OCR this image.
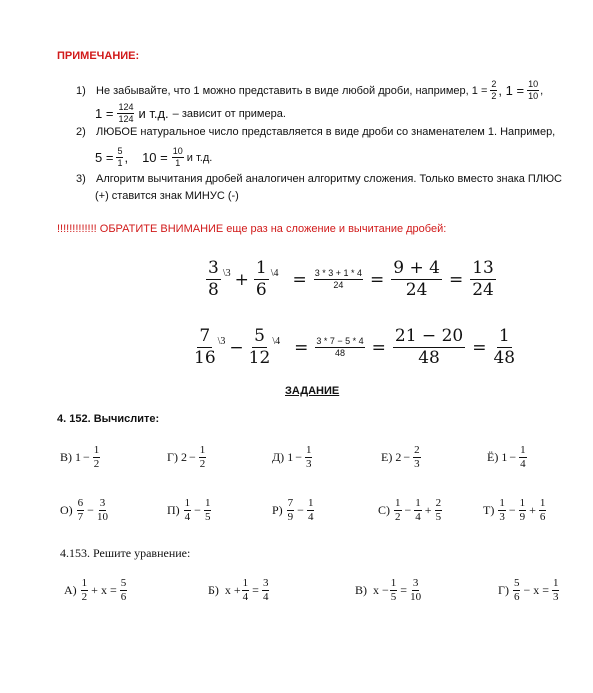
ПРИМЕЧАНИЕ:
1) Не забывайте, что 1 можно представить в виде любой дроби, например, $1 = \frac{2}{2}$ , $1 = \frac{10}{10}$ ,
$1 = \frac{124}{124}$ и т.д. – зависит от примера.
2) ЛЮБОЕ натуральное число представляется в виде дроби со знаменателем 1. Например,
$5 = \frac{5}{1}$ , $10 = \frac{10}{1}$ и т.д.
3) Алгоритм вычитания дробей аналогичен алгоритму сложения. Только вместо знака ПЛЮС
(+) ставится знак МИНУС (-)
!!!!!!!!!!!!! ОБРАТИТЕ ВНИМАНИЕ еще раз на сложение и вычитание дробей:
$\frac{3}{8}$ \3 + $\frac{1}{6}$ \4 = $\frac{3 * 3 + 1 * 4}{24} = \frac{9 + 4}{24} = \frac{13}{24}$
$\frac{7}{16}$ \3 − $\frac{5}{12}$ \4 = $\frac{3 * 7 - 5 * 4}{48} = \frac{21 - 20}{48} = \frac{1}{48}$
ЗАДАНИЕ
4. 152. Вычислите:
В) $1 - \frac{1}{2}$	Г) $2 - \frac{1}{2}$	Д) $1 - \frac{1}{3}$	Е) $2 - \frac{2}{3}$	Ё) $1 - \frac{1}{4}$
$О) \frac{6}{7} - \frac{3}{10}$	$П) \frac{1}{4} - \frac{1}{5}$	$Р) \frac{7}{9} - \frac{1}{4}$	$С) \frac{1}{2} - \frac{1}{4} + \frac{2}{5}$	$Т) \frac{1}{3} - \frac{1}{9} + \frac{1}{6}$
4.153. Решите уравнение:
$А) \frac{1}{2} + x = \frac{5}{6}$	Б) $x + \frac{1}{4} = \frac{3}{4}$	В) $x - \frac{1}{5} = \frac{3}{10}$	$Г) \frac{5}{6} - x = \frac{1}{3}$
